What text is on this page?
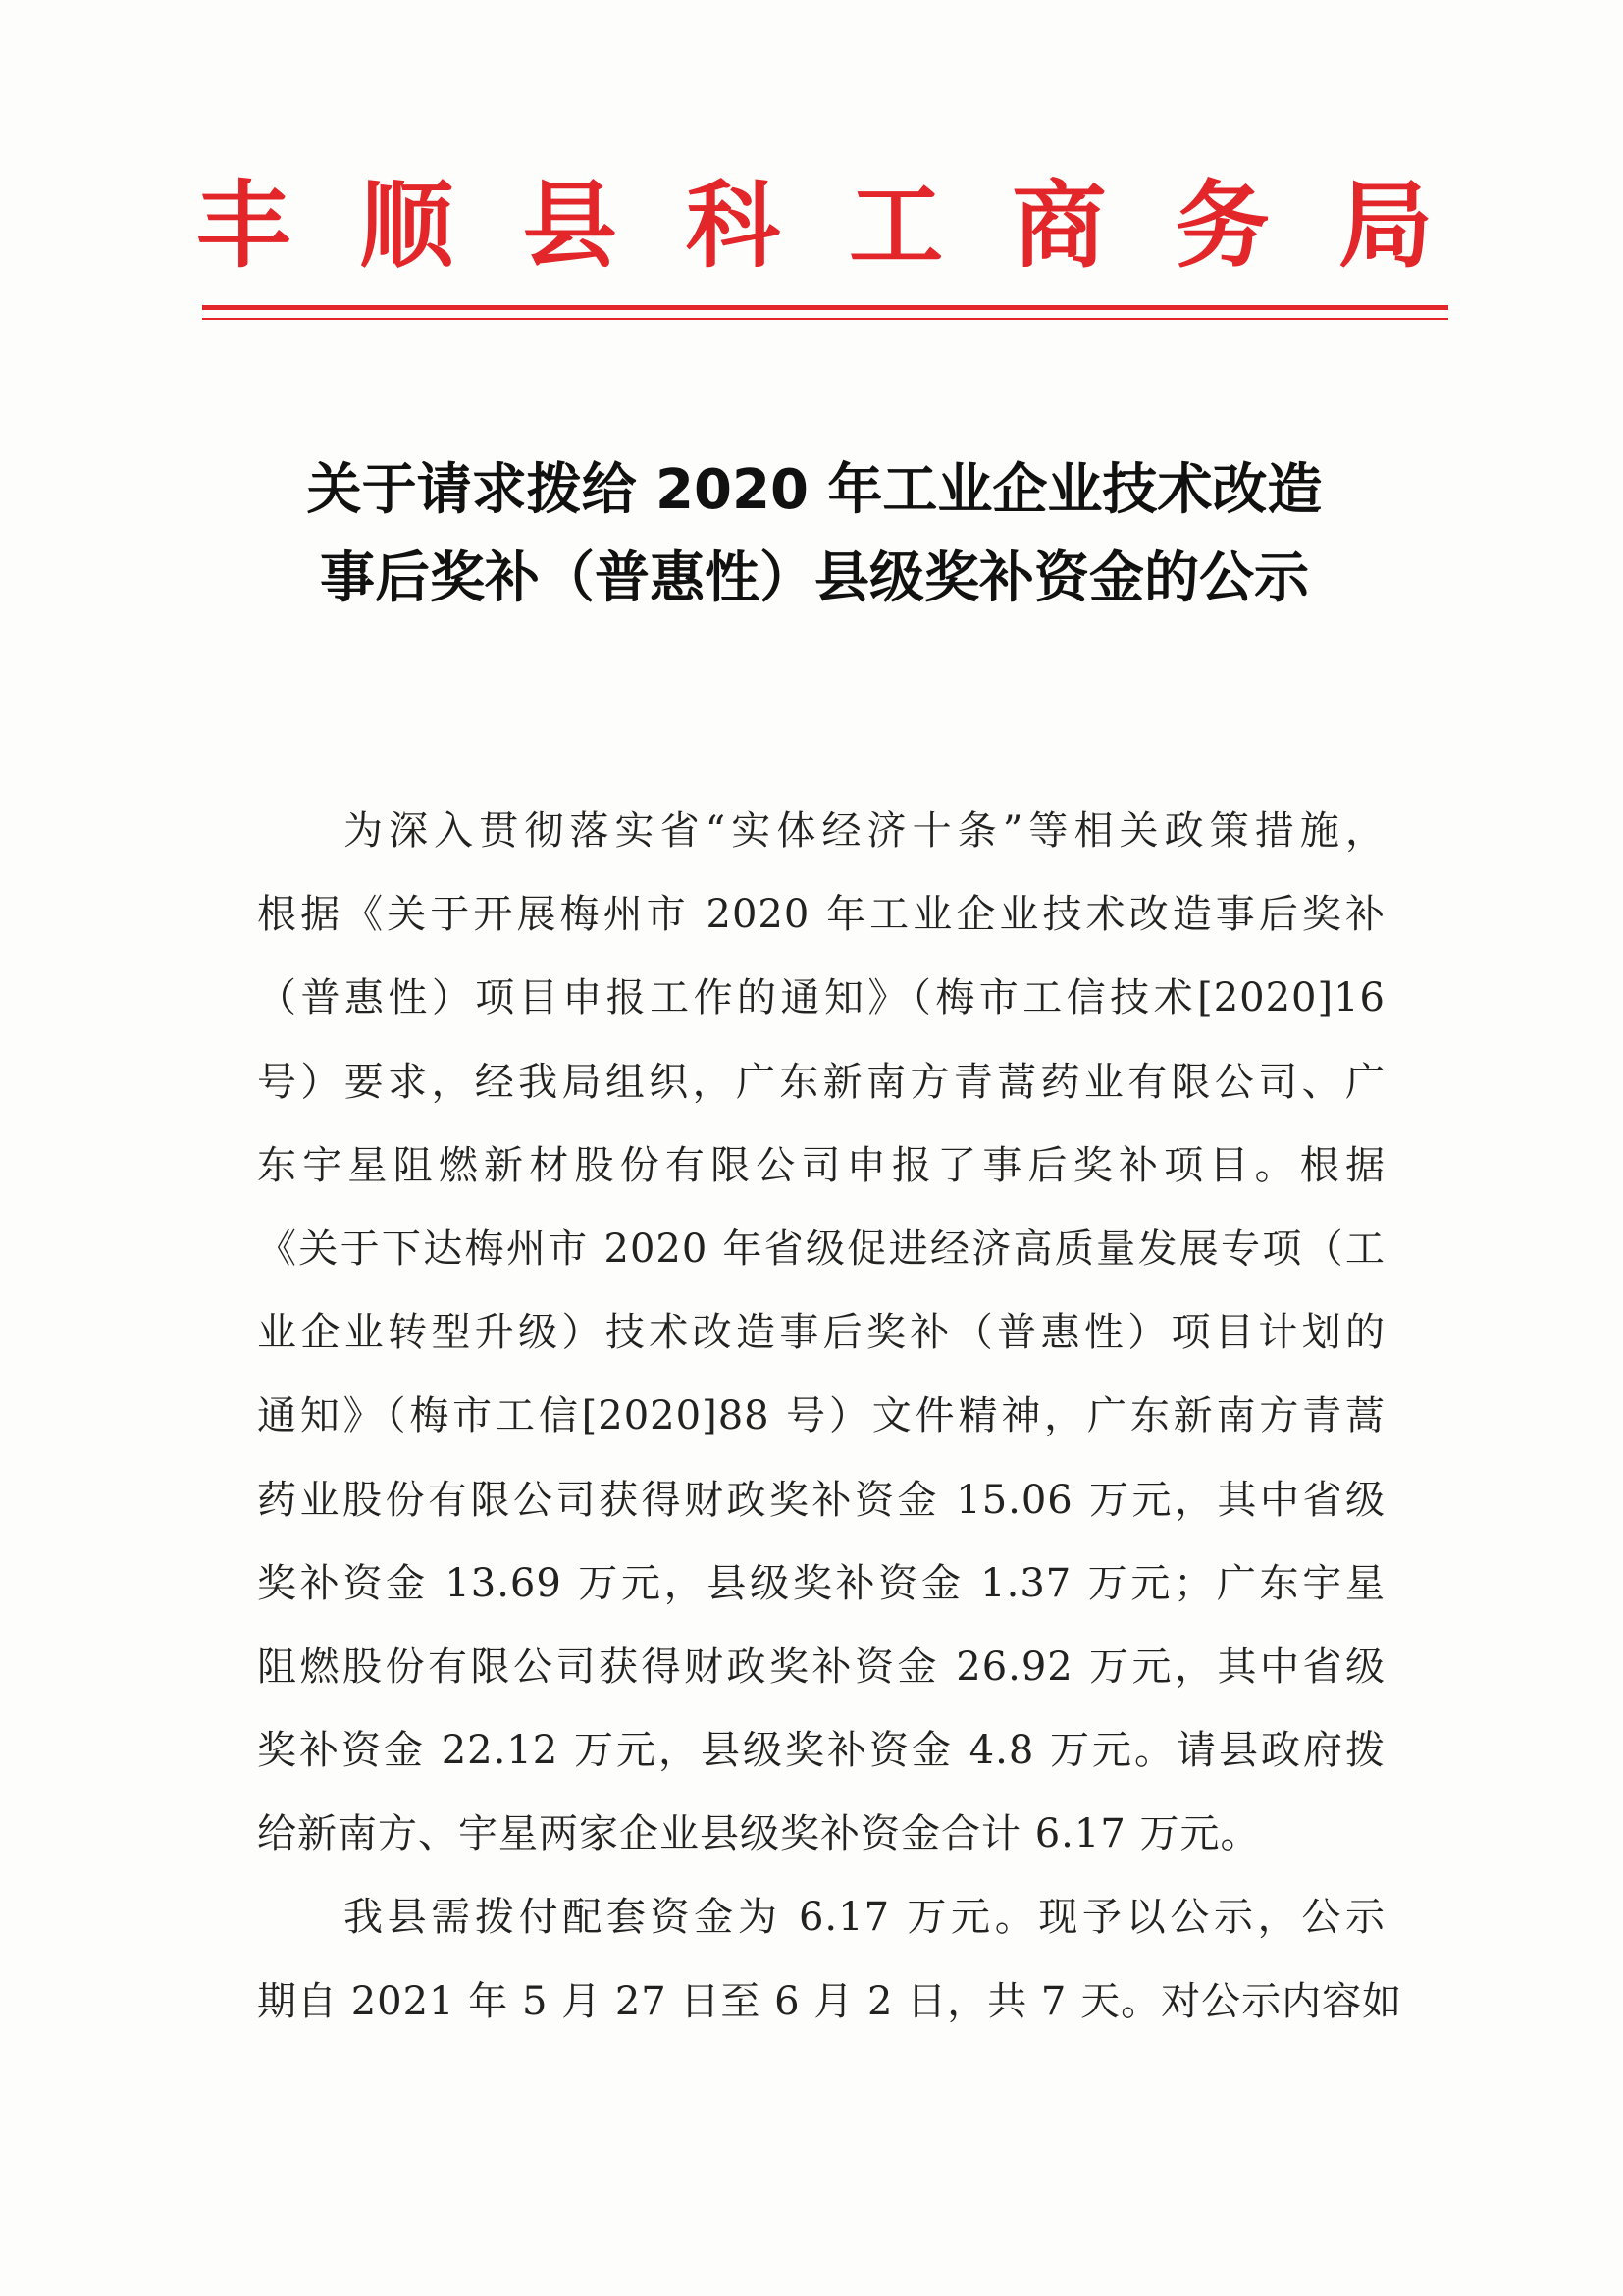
丰 顺 县 科 工 商 务 局
关于请求拨给 2020 年工业企业技术改造
事后奖补（普惠性）县级奖补资金的公示
为深入贯彻落实省“实体经济十条”等相关政策措施，
根据《关于开展梅州市 2020 年工业企业技术改造事后奖补
（普惠性）项目申报工作的通知》（梅市工信技术[2020]16
号）要求，经我局组织，广东新南方青蒿药业有限公司、广
东宇星阻燃新材股份有限公司申报了事后奖补项目。根据
《关于下达梅州市 2020 年省级促进经济高质量发展专项（工
业企业转型升级）技术改造事后奖补（普惠性）项目计划的
通知》（梅市工信[2020]88 号）文件精神，广东新南方青蒿
药业股份有限公司获得财政奖补资金 15.06 万元，其中省级
奖补资金 13.69 万元，县级奖补资金 1.37 万元；广东宇星
阻燃股份有限公司获得财政奖补资金 26.92 万元，其中省级
奖补资金 22.12 万元，县级奖补资金 4.8 万元。请县政府拨
给新南方、宇星两家企业县级奖补资金合计 6.17 万元。
我县需拨付配套资金为 6.17 万元。现予以公示，公示
期自 2021 年 5 月 27 日至 6 月 2 日，共 7 天。对公示内容如
